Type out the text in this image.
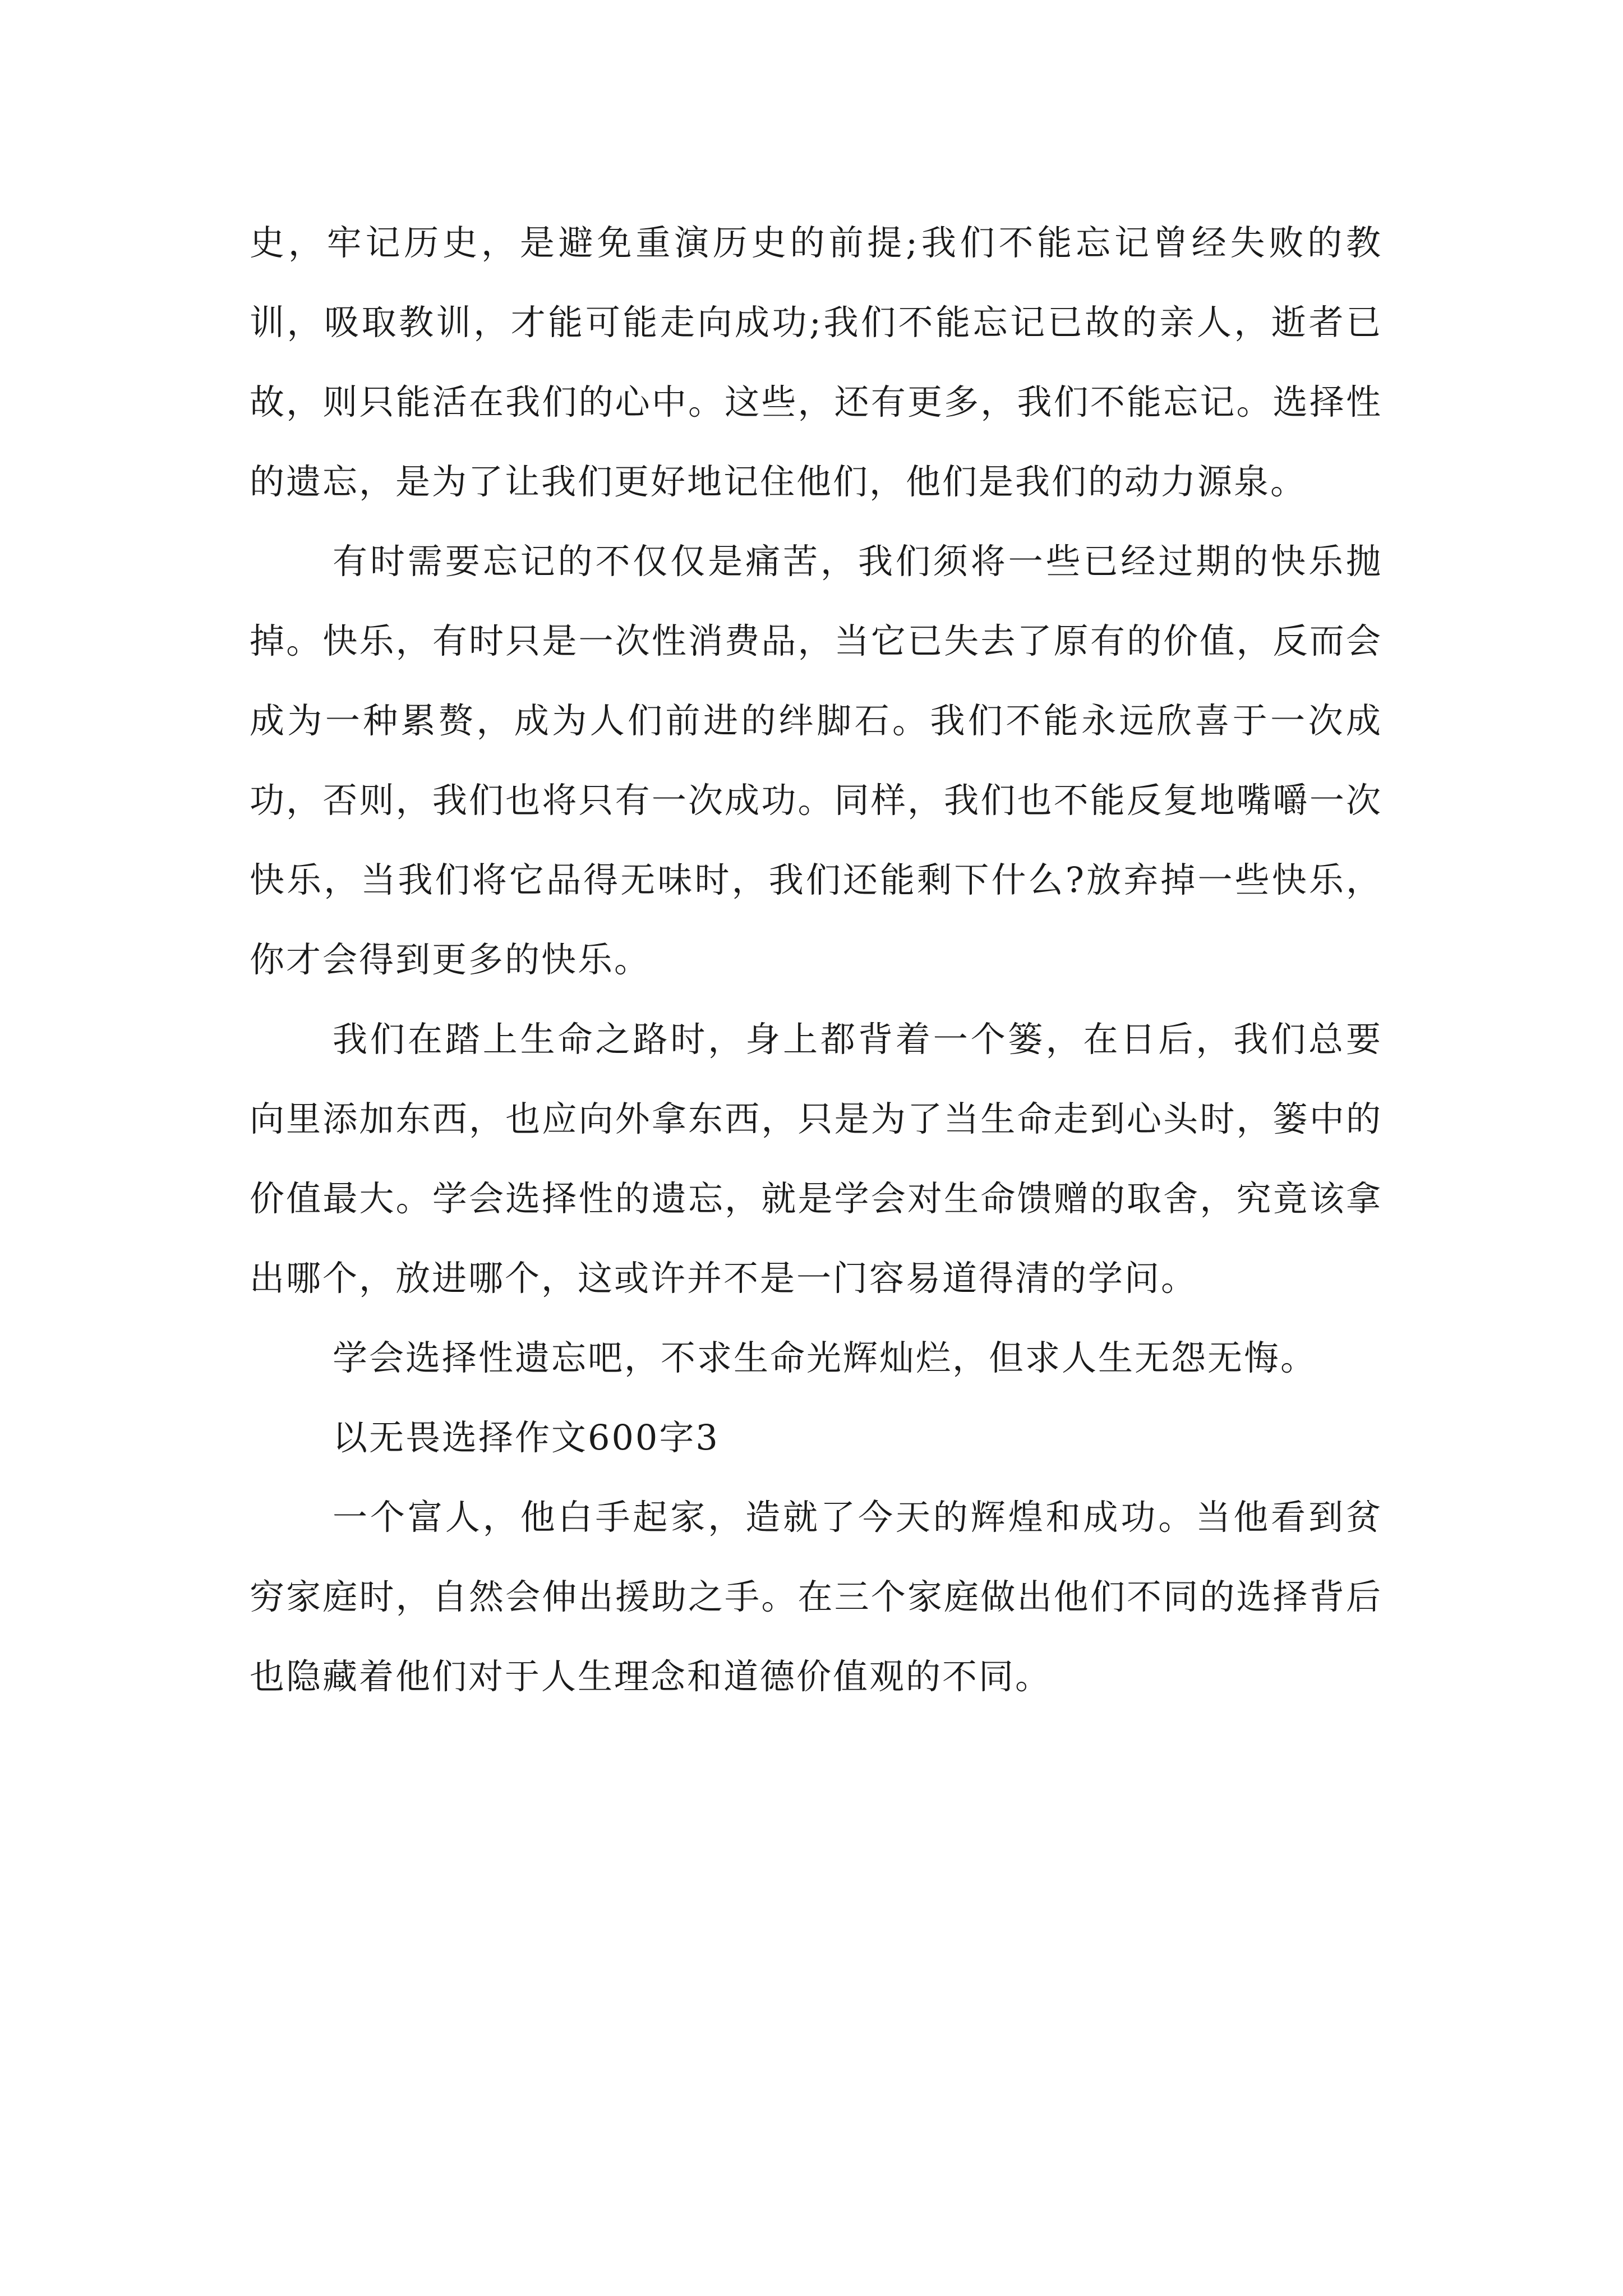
史，牢记历史，是避免重演历史的前提;我们不能忘记曾经失败的教训，吸取教训，才能可能走向成功;我们不能忘记已故的亲人，逝者已故，则只能活在我们的心中。这些，还有更多，我们不能忘记。选择性的遗忘，是为了让我们更好地记住他们，他们是我们的动力源泉。

有时需要忘记的不仅仅是痛苦，我们须将一些已经过期的快乐抛掉。快乐，有时只是一次性消费品，当它已失去了原有的价值，反而会成为一种累赘，成为人们前进的绊脚石。我们不能永远欣喜于一次成功，否则，我们也将只有一次成功。同样，我们也不能反复地嘴嚼一次快乐，当我们将它品得无味时，我们还能剩下什么?放弃掉一些快乐，你才会得到更多的快乐。

我们在踏上生命之路时，身上都背着一个篓，在日后，我们总要向里添加东西，也应向外拿东西，只是为了当生命走到心头时，篓中的价值最大。学会选择性的遗忘，就是学会对生命馈赠的取舍，究竟该拿出哪个，放进哪个，这或许并不是一门容易道得清的学问。

学会选择性遗忘吧，不求生命光辉灿烂，但求人生无怨无悔。

以无畏选择作文600字3

一个富人，他白手起家，造就了今天的辉煌和成功。当他看到贫穷家庭时，自然会伸出援助之手。在三个家庭做出他们不同的选择背后也隐藏着他们对于人生理念和道德价值观的不同。
